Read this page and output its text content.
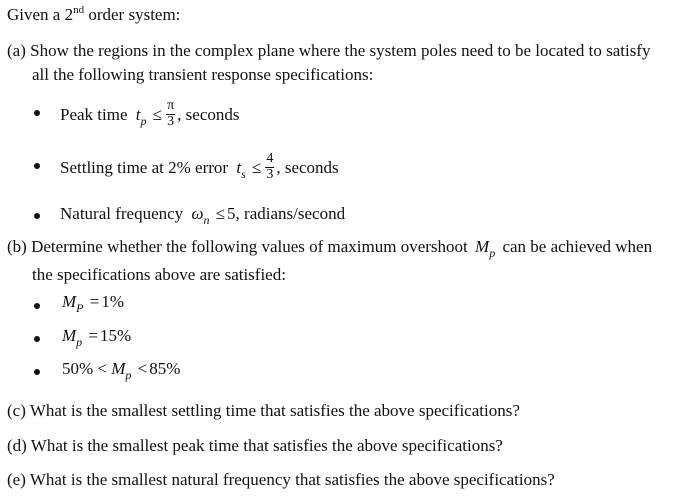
Given a 2nd order system:
(a) Show the regions in the complex plane where the system poles need to be located to satisfy
all the following transient response specifications:
Peak time $t_p \le \frac{\pi}{3}$ , seconds
Settling time at 2% error $t_s \le \frac{4}{3}$ , seconds
Natural frequency $\omega_n \le 5$, radians/second
(b) Determine whether the following values of maximum overshoot $M_p$ can be achieved when
the specifications above are satisfied:
$M_P = 1\%$
$M_p = 15\%$
$50\% < M_p < 85\%$
(c) What is the smallest settling time that satisfies the above specifications?
(d) What is the smallest peak time that satisfies the above specifications?
(e) What is the smallest natural frequency that satisfies the above specifications?
